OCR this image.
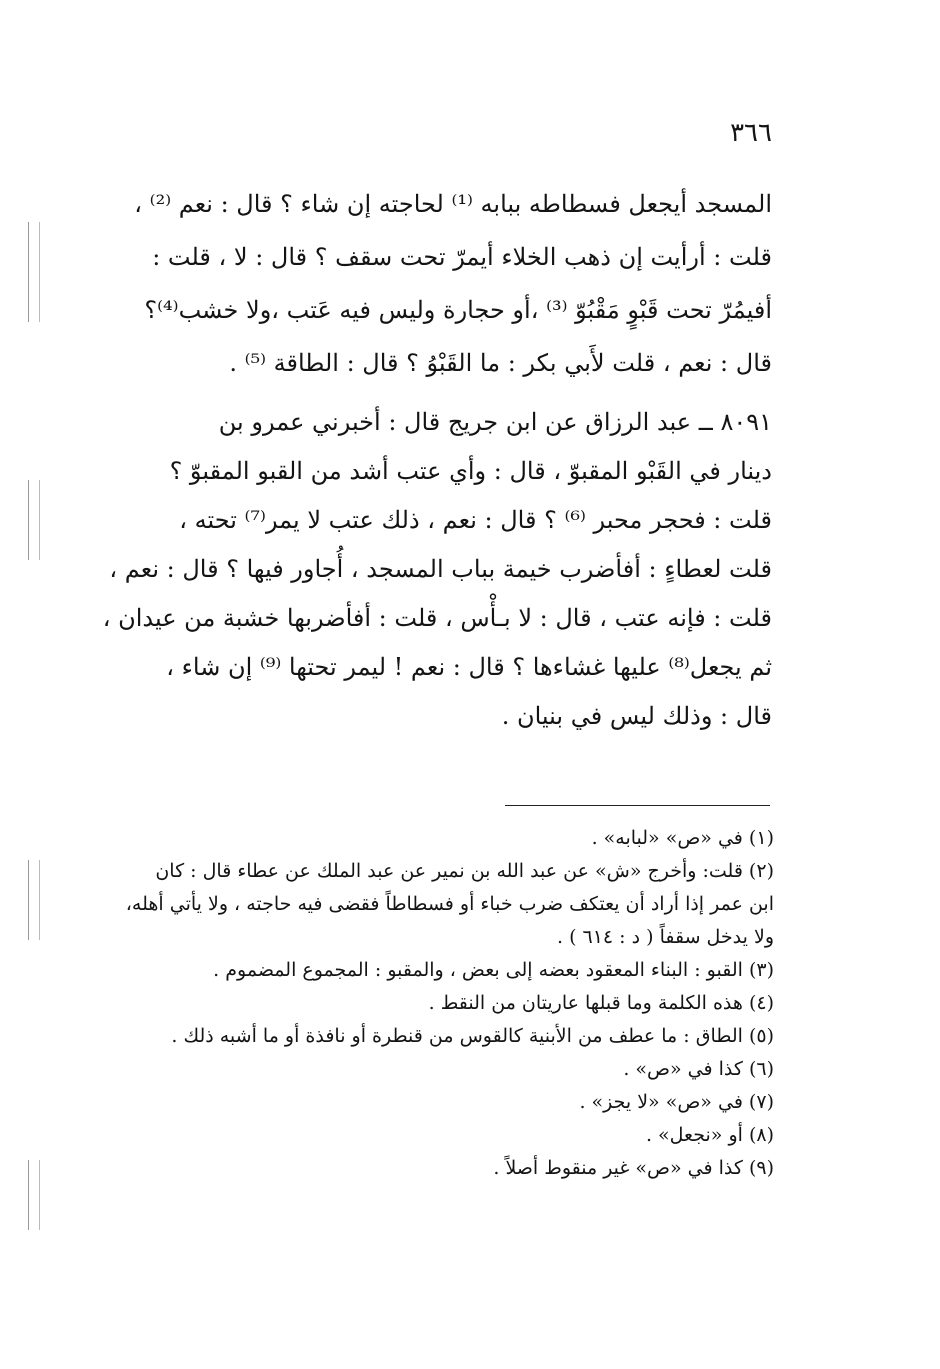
٣٦٦
المسجد أيجعل فسطاطه ببابه ⁽¹⁾ لحاجته إن شاء ؟ قال : نعم ⁽²⁾ ،
قلت : أرأيت إن ذهب الخلاء أيمرّ تحت سقف ؟ قال : لا ، قلت :
أفيمُرّ تحت قَبْوٍ مَقْبُوّ ⁽³⁾ ،أو حجارة وليس فيه عَتب ،ولا خشب⁽⁴⁾؟
قال : نعم ، قلت لأَبي بكر : ما القَبْوُ ؟ قال : الطاقة ⁽⁵⁾ .
٨٠٩١ ــ عبد الرزاق عن ابن جريج قال : أخبرني عمرو بن
دينار في القَبْو المقبوّ ، قال : وأي عتب أشد من القبو المقبوّ ؟
قلت : فحجر محبر ⁽⁶⁾ ؟ قال : نعم ، ذلك عتب لا يمر⁽⁷⁾ تحته ،
قلت لعطاءٍ : أفأضرب خيمة بباب المسجد ، أُجاور فيها ؟ قال : نعم ،
قلت : فإنه عتب ، قال : لا بـأْس ، قلت : أفأضربها خشبة من عيدان ،
ثم يجعل⁽⁸⁾ عليها غشاءها ؟ قال : نعم ! ليمر تحتها ⁽⁹⁾ إن شاء ،
قال : وذلك ليس في بنيان .
(١) في «ص» «لبابه» .
(٢) قلت: وأخرج «ش» عن عبد الله بن نمير عن عبد الملك عن عطاء قال : كان
ابن عمر إذا أراد أن يعتكف ضرب خباء أو فسطاطاً فقضى فيه حاجته ، ولا يأتي أهله،
ولا يدخل سقفاً ( د : ٦١٤ ) .
(٣) القبو : البناء المعقود بعضه إلى بعض ، والمقبو : المجموع المضموم .
(٤) هذه الكلمة وما قبلها عاريتان من النقط .
(٥) الطاق : ما عطف من الأبنية كالقوس من قنطرة أو نافذة أو ما أشبه ذلك .
(٦) كذا في «ص» .
(٧) في «ص» «لا يجز» .
(٨) أو «نجعل» .
(٩) كذا في «ص» غير منقوط أصلاً .
